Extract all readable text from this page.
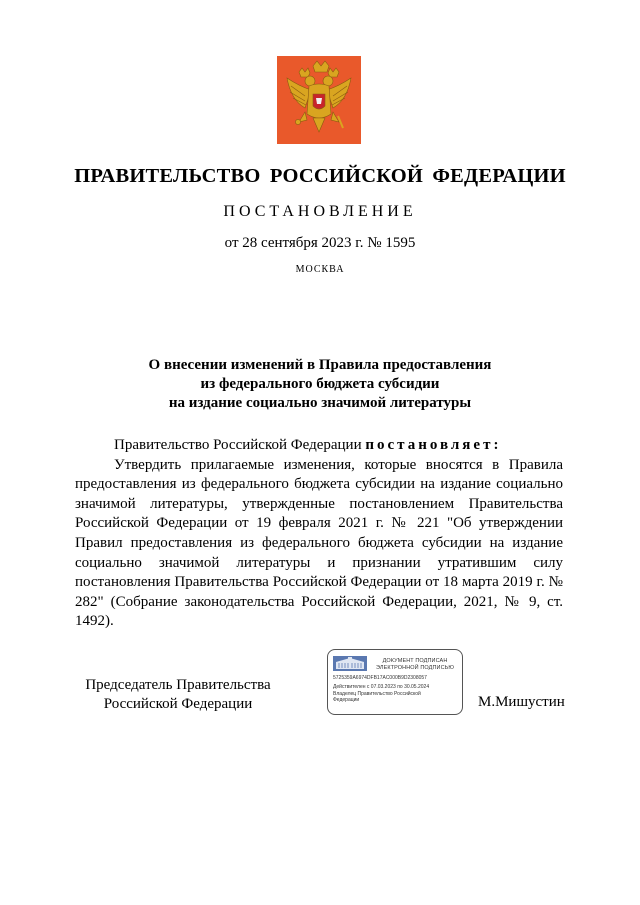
ПРАВИТЕЛЬСТВО РОССИЙСКОЙ ФЕДЕРАЦИИ
ПОСТАНОВЛЕНИЕ
от 28 сентября 2023 г. № 1595
МОСКВА
О внесении изменений в Правила предоставления
из федерального бюджета субсидии
на издание социально значимой литературы

Правительство Российской Федерации постановляет:

Утвердить прилагаемые изменения, которые вносятся в Правила предоставления из федерального бюджета субсидии на издание социально значимой литературы, утвержденные постановлением Правительства Российской Федерации от 19 февраля 2021 г. № 221 "Об утверждении Правил предоставления из федерального бюджета субсидии на издание социально значимой литературы и признании утратившим силу постановления Правительства Российской Федерации от 18 марта 2019 г. № 282" (Собрание законодательства Российской Федерации, 2021, № 9, ст. 1492).

Председатель Правительства
Российской Федерации
ДОКУМЕНТ ПОДПИСАН
ЭЛЕКТРОННОЙ ПОДПИСЬЮ
5725359A6974DFB17AC000B9D2308057
Действителен с 07.03.2023 по 30.05.2024
Владелец Правительство Российской
Федерации	М.Мишустин
